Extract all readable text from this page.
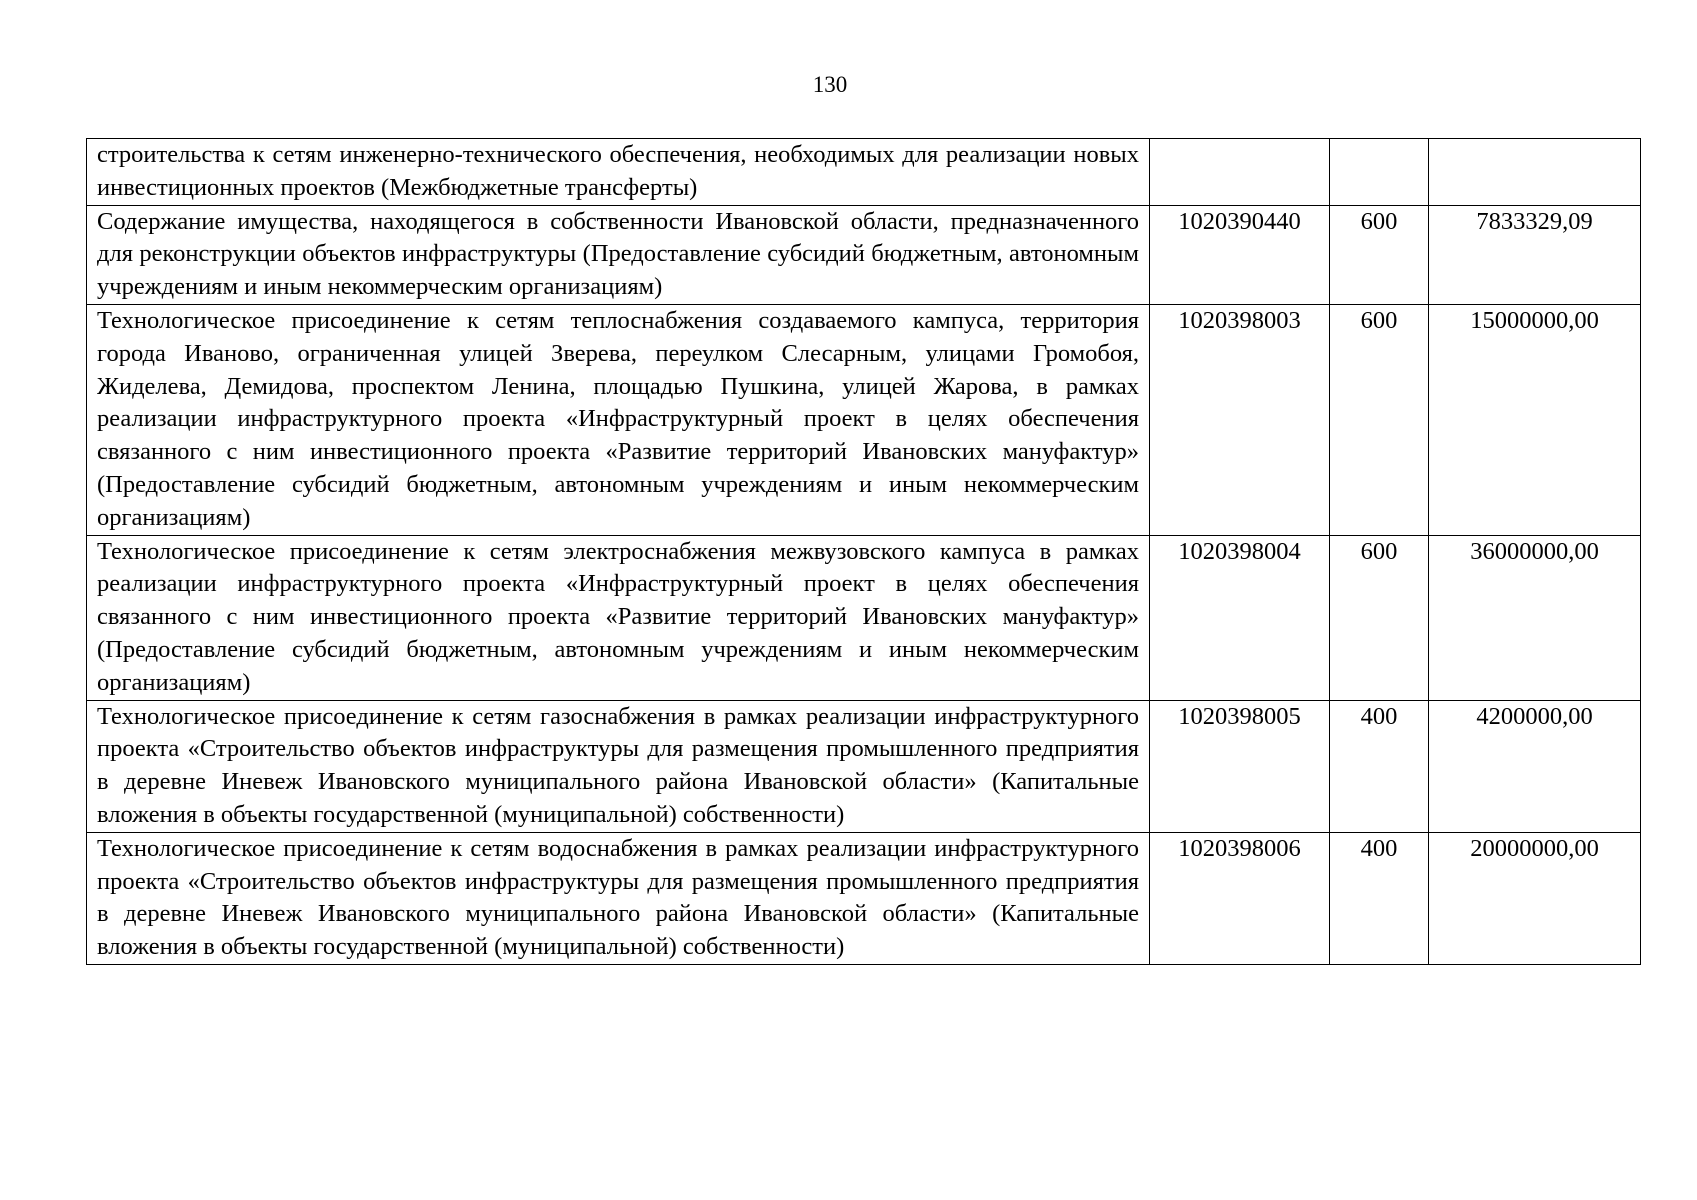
130
строительства к сетям инженерно-технического обеспечения, необходимых для реализации новых инвестиционных проектов (Межбюджетные трансферты)			
Содержание имущества, находящегося в собственности Ивановской области, предназначенного для реконструкции объектов инфраструктуры (Предоставление субсидий бюджетным, автономным учреждениям и иным некоммерческим организациям)	1020390440	600	7833329,09
Технологическое присоединение к сетям теплоснабжения создаваемого кампуса, территория города Иваново, ограниченная улицей Зверева, переулком Слесарным, улицами Громобоя, Жиделева, Демидова, проспектом Ленина, площадью Пушкина, улицей Жарова, в рамках реализации инфраструктурного проекта «Инфраструктурный проект в целях обеспечения связанного с ним инвестиционного проекта «Развитие территорий Ивановских мануфактур» (Предоставление субсидий бюджетным, автономным учреждениям и иным некоммерческим организациям)	1020398003	600	15000000,00
Технологическое присоединение к сетям электроснабжения межвузовского кампуса в рамках реализации инфраструктурного проекта «Инфраструктурный проект в целях обеспечения связанного с ним инвестиционного проекта «Развитие территорий Ивановских мануфактур» (Предоставление субсидий бюджетным, автономным учреждениям и иным некоммерческим организациям)	1020398004	600	36000000,00
Технологическое присоединение к сетям газоснабжения в рамках реализации инфраструктурного проекта «Строительство объектов инфраструктуры для размещения промышленного предприятия в деревне Иневеж Ивановского муниципального района Ивановской области» (Капитальные вложения в объекты государственной (муниципальной) собственности)	1020398005	400	4200000,00
Технологическое присоединение к сетям водоснабжения в рамках реализации инфраструктурного проекта «Строительство объектов инфраструктуры для размещения промышленного предприятия в деревне Иневеж Ивановского муниципального района Ивановской области» (Капитальные вложения в объекты государственной (муниципальной) собственности)	1020398006	400	20000000,00
